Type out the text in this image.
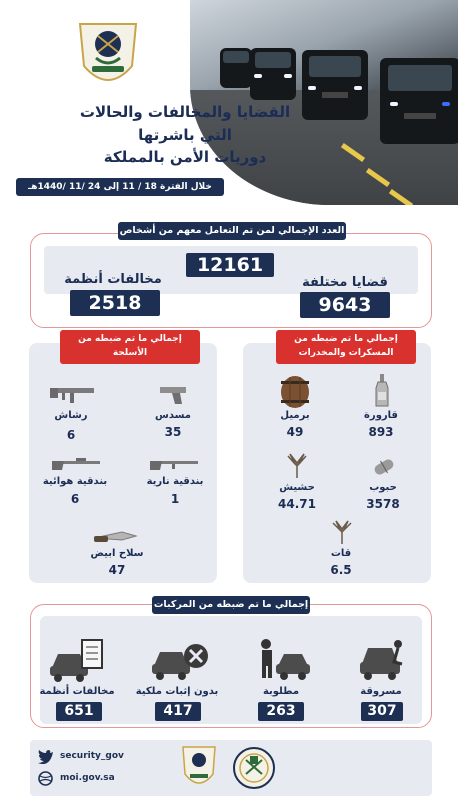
القضايا والمخالفات والحالات
التي باشرتها
دوريات الأمن بالمملكة
خلال الفترة 18 / 11 إلى 24 /11 /1440هـ
العدد الإجمالي لمن تم التعامل معهم من أشخاص
12161
قضايا مختلفة
مخالفات أنظمة
9643
2518
إجمالي ما تم ضبطه من المسكرات والمخدرات
قارورة
893
برميل
49
حبوب
3578
حشيش
44.71
قات
6.5
إجمالي ما تم ضبطه من الأسلحة
مسدس
35
رشاش
6
بندقية نارية
1
بندقية هوائية
6
سلاح ابيض
47
إجمالي ما تم ضبطه من المركبات
مسروقة
307
مطلوبة
263
بدون إثبات ملكية
417
مخالفات أنظمة
651
security_gov
moi.gov.sa
